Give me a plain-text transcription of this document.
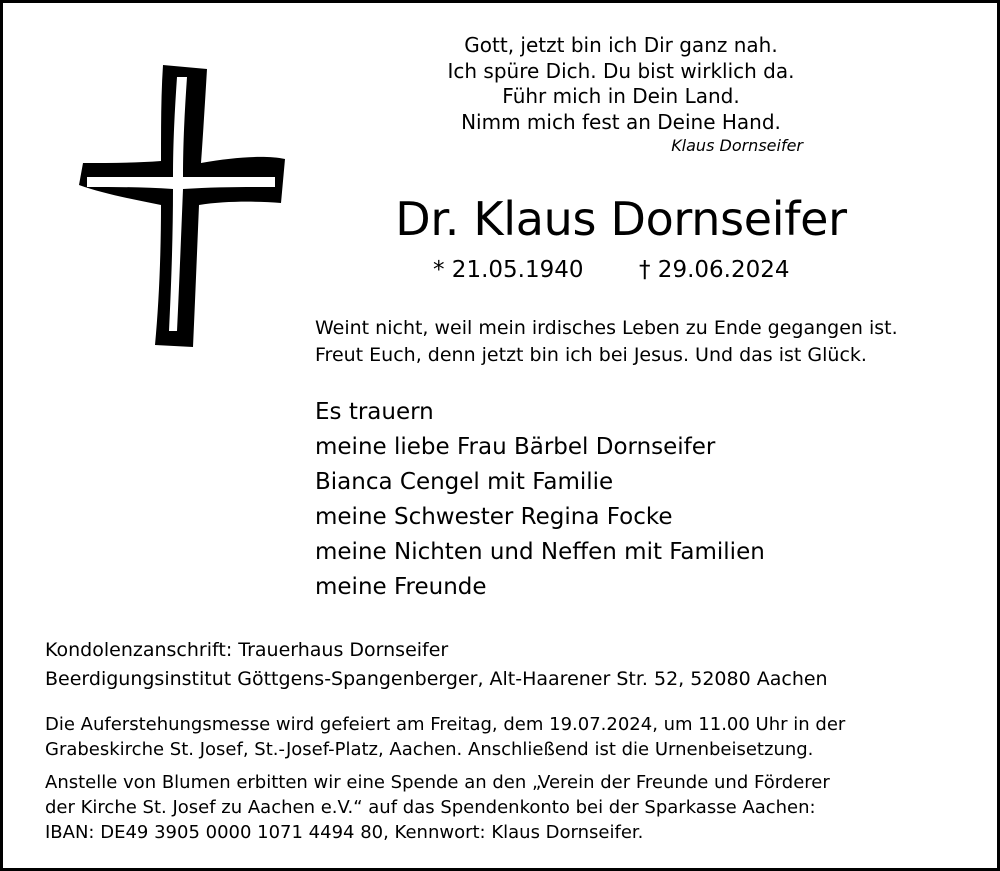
Gott, jetzt bin ich Dir ganz nah.
Ich spüre Dich. Du bist wirklich da.
Führ mich in Dein Land.
Nimm mich fest an Deine Hand.
Klaus Dornseifer
Dr. Klaus Dornseifer
* 21.05.1940 † 29.06.2024
Weint nicht, weil mein irdisches Leben zu Ende gegangen ist.
Freut Euch, denn jetzt bin ich bei Jesus. Und das ist Glück.
Es trauern
meine liebe Frau Bärbel Dornseifer
Bianca Cengel mit Familie
meine Schwester Regina Focke
meine Nichten und Neffen mit Familien
meine Freunde
Kondolenzanschrift: Trauerhaus Dornseifer
Beerdigungsinstitut Göttgens-Spangenberger, Alt-Haarener Str. 52, 52080 Aachen
Die Auferstehungsmesse wird gefeiert am Freitag, dem 19.07.2024, um 11.00 Uhr in der
Grabeskirche St. Josef, St.-Josef-Platz, Aachen. Anschließend ist die Urnenbeisetzung.
Anstelle von Blumen erbitten wir eine Spende an den „Verein der Freunde und Förderer
der Kirche St. Josef zu Aachen e.V.“ auf das Spendenkonto bei der Sparkasse Aachen:
IBAN: DE49 3905 0000 1071 4494 80, Kennwort: Klaus Dornseifer.
